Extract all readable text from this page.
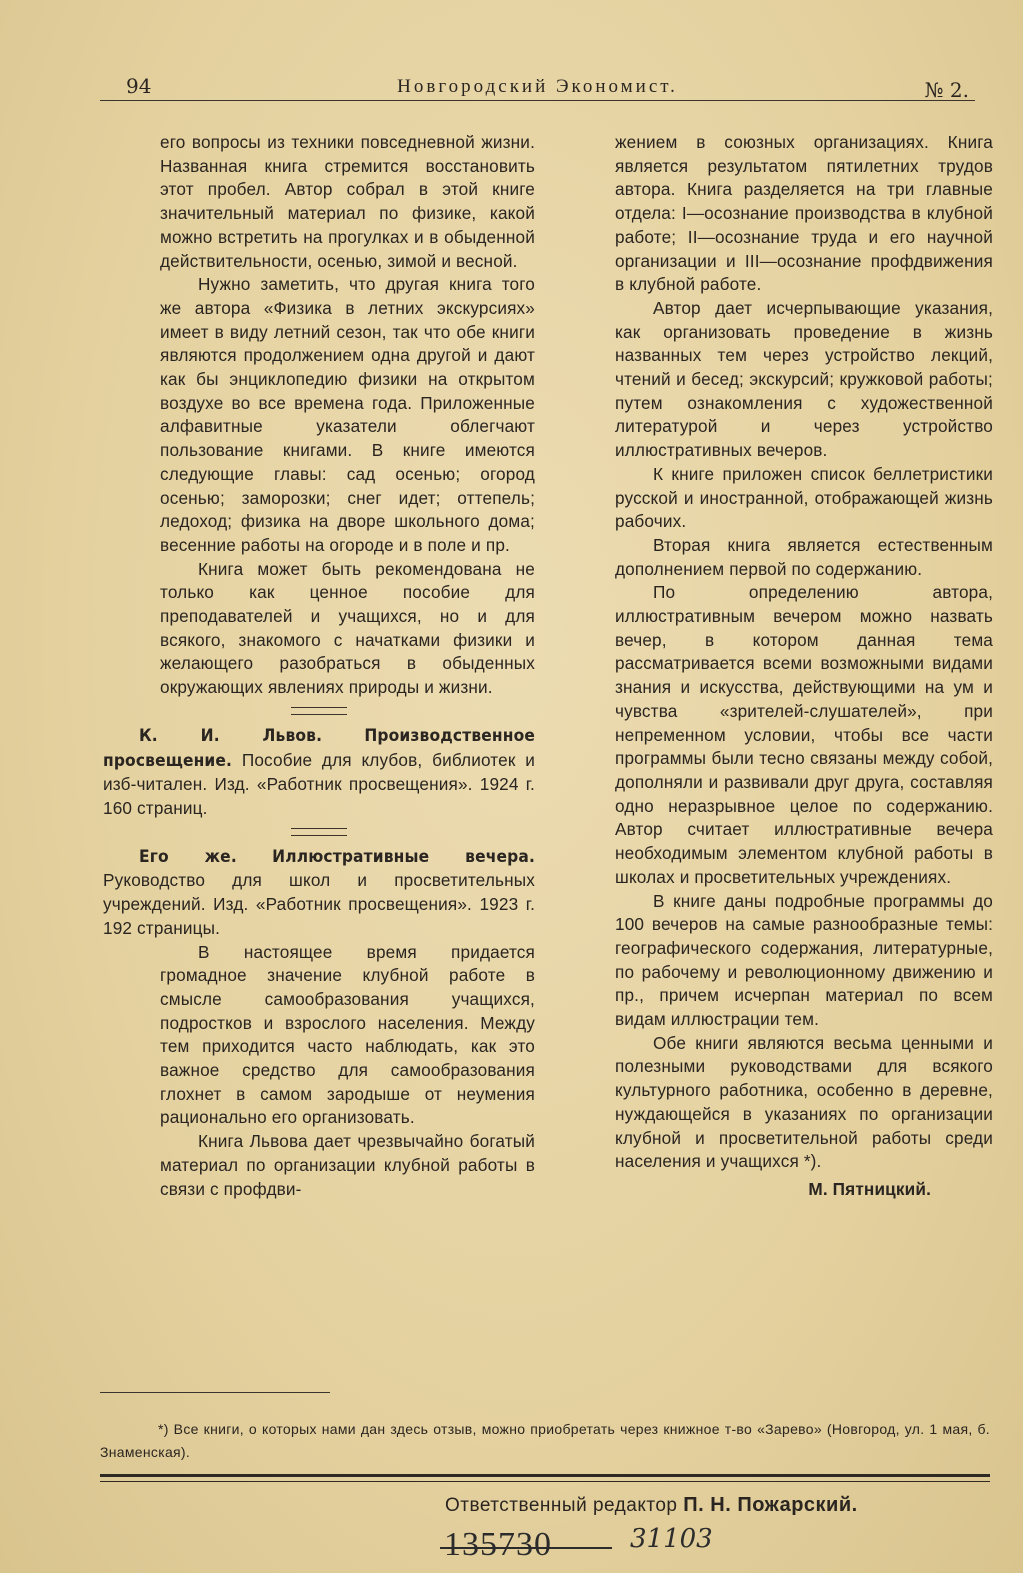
94	Новгородский Экономист.	№ 2.

его вопросы из техники повседневной жизни. Названная книга стремится восстановить этот пробел. Автор собрал в этой книге значительный материал по физике, какой можно встретить на прогулках и в обыденной действительности, осенью, зимой и весной.

Нужно заметить, что другая книга того же автора «Физика в летних экскурсиях» имеет в виду летний сезон, так что обе книги являются продолжением одна другой и дают как бы энциклопедию физики на открытом воздухе во все времена года. Приложенные алфавитные указатели облегчают пользование книгами. В книге имеются следующие главы: сад осенью; огород осенью; заморозки; снег идет; оттепель; ледоход; физика на дворе школьного дома; весенние работы на огороде и в поле и пр.

Книга может быть рекомендована не только как ценное пособие для преподавателей и учащихся, но и для всякого, знакомого с начатками физики и желающего разобраться в обыденных окружающих явлениях природы и жизни.

К. И. Львов. Производственное просвещение. Пособие для клубов, библиотек и изб-читален. Изд. «Работник просвещения». 1924 г. 160 страниц.

Его же. Иллюстративные вечера. Руководство для школ и просветительных учреждений. Изд. «Работник просвещения». 1923 г. 192 страницы.

В настоящее время придается громадное значение клубной работе в смысле самообразования учащихся, подростков и взрослого населения. Между тем приходится часто наблюдать, как это важное средство для самообразования глохнет в самом зародыше от неумения рационально его организовать.

Книга Львова дает чрезвычайно богатый материал по организации клубной работы в связи с профдви-

жением в союзных организациях. Книга является результатом пятилетних трудов автора. Книга разделяется на три главные отдела: I—осознание производства в клубной работе; II—осознание труда и его научной организации и III—осознание профдвижения в клубной работе.

Автор дает исчерпывающие указания, как организовать проведение в жизнь названных тем через устройство лекций, чтений и бесед; экскурсий; кружковой работы; путем ознакомления с художественной литературой и через устройство иллюстративных вечеров.

К книге приложен список беллетристики русской и иностранной, отображающей жизнь рабочих.

Вторая книга является естественным дополнением первой по содержанию.

По определению автора, иллюстративным вечером можно назвать вечер, в котором данная тема рассматривается всеми возможными видами знания и искусства, действующими на ум и чувства «зрителей-слушателей», при непременном условии, чтобы все части программы были тесно связаны между собой, дополняли и развивали друг друга, составляя одно неразрывное целое по содержанию. Автор считает иллюстративные вечера необходимым элементом клубной работы в школах и просветительных учреждениях.

В книге даны подробные программы до 100 вечеров на самые разнообразные темы: географического содержания, литературные, по рабочему и революционному движению и пр., причем исчерпан материал по всем видам иллюстрации тем.

Обе книги являются весьма ценными и полезными руководствами для всякого культурного работника, особенно в деревне, нуждающейся в указаниях по организации клубной и просветительной работы среди населения и учащихся *).

М. Пятницкий.

*) Все книги, о которых нами дан здесь отзыв, можно приобретать через книжное т-во «Зарево» (Новгород, ул. 1 мая, б. Знаменская).

Ответственный редактор П. Н. Пожарский.
135730	31103
